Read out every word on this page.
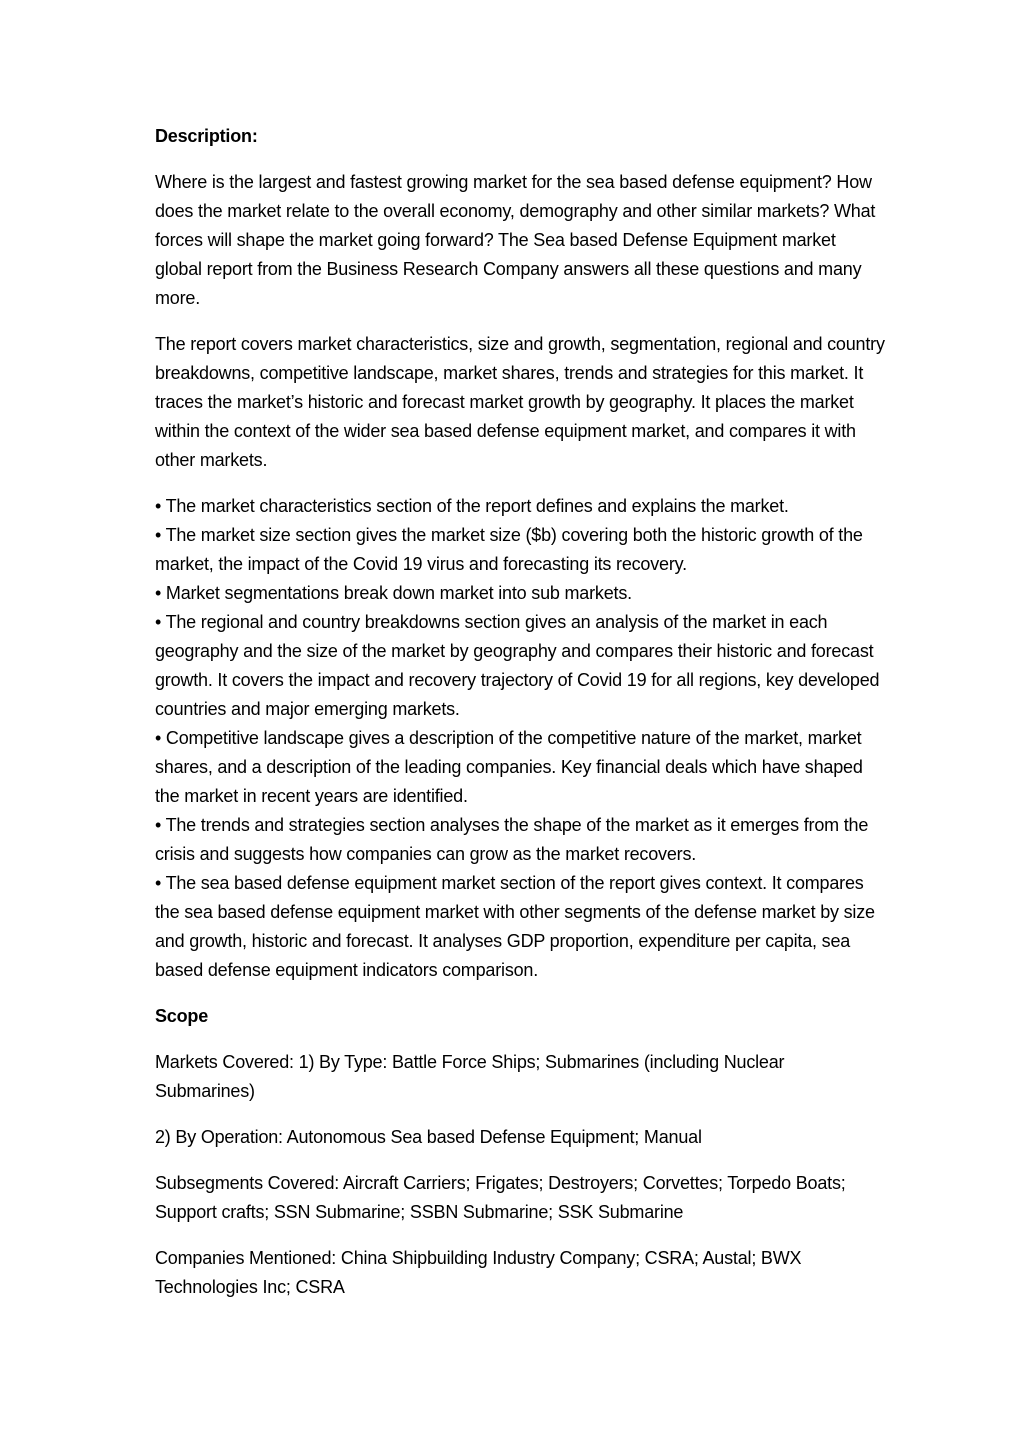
Description:

Where is the largest and fastest growing market for the sea based defense equipment? How does the market relate to the overall economy, demography and other similar markets? What forces will shape the market going forward? The Sea based Defense Equipment market global report from the Business Research Company answers all these questions and many more.

The report covers market characteristics, size and growth, segmentation, regional and country breakdowns, competitive landscape, market shares, trends and strategies for this market. It traces the market’s historic and forecast market growth by geography. It places the market within the context of the wider sea based defense equipment market, and compares it with other markets.

• The market characteristics section of the report defines and explains the market.
• The market size section gives the market size ($b) covering both the historic growth of the market, the impact of the Covid 19 virus and forecasting its recovery.
• Market segmentations break down market into sub markets.
• The regional and country breakdowns section gives an analysis of the market in each geography and the size of the market by geography and compares their historic and forecast growth. It covers the impact and recovery trajectory of Covid 19 for all regions, key developed countries and major emerging markets.
• Competitive landscape gives a description of the competitive nature of the market, market shares, and a description of the leading companies. Key financial deals which have shaped the market in recent years are identified.
• The trends and strategies section analyses the shape of the market as it emerges from the crisis and suggests how companies can grow as the market recovers.
• The sea based defense equipment market section of the report gives context. It compares the sea based defense equipment market with other segments of the defense market by size and growth, historic and forecast. It analyses GDP proportion, expenditure per capita, sea based defense equipment indicators comparison.
Scope

Markets Covered: 1) By Type: Battle Force Ships; Submarines (including Nuclear Submarines)

2) By Operation: Autonomous Sea based Defense Equipment; Manual

Subsegments Covered: Aircraft Carriers; Frigates; Destroyers; Corvettes; Torpedo Boats; Support crafts; SSN Submarine; SSBN Submarine; SSK Submarine

Companies Mentioned: China Shipbuilding Industry Company; CSRA; Austal; BWX Technologies Inc; CSRA
